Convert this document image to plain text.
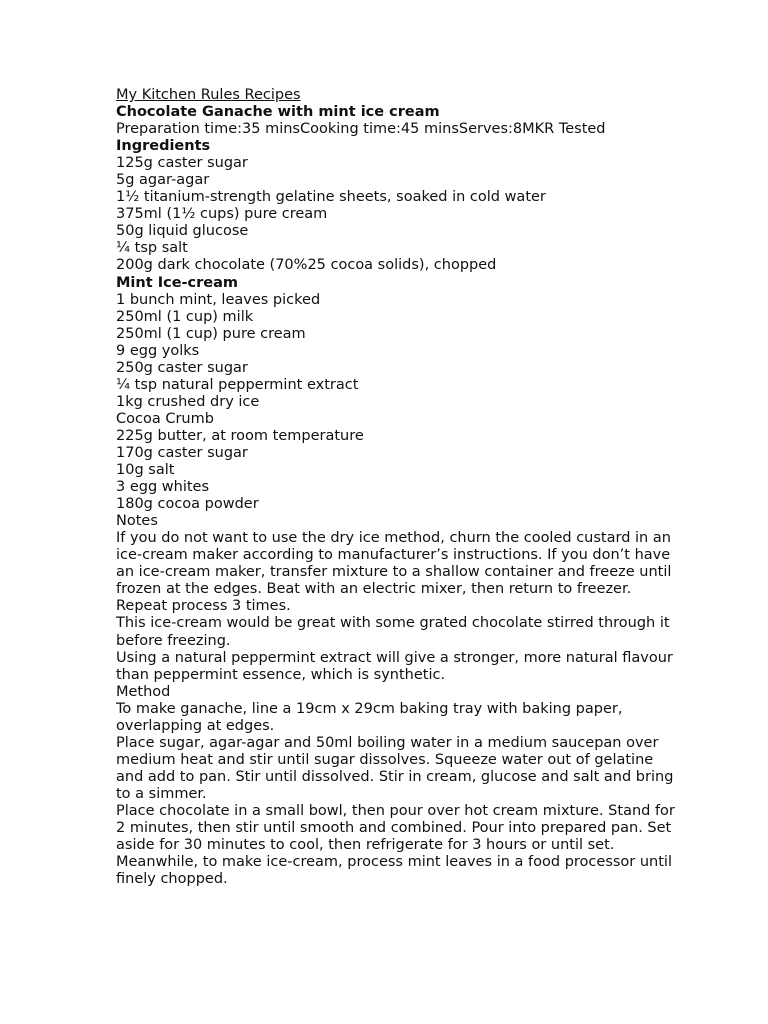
My Kitchen Rules Recipes

Chocolate Ganache with mint ice cream

Preparation time:35 minsCooking time:45 minsServes:8MKR Tested

Ingredients

125g caster sugar

5g agar-agar

1½ titanium-strength gelatine sheets, soaked in cold water

375ml (1½ cups) pure cream

50g liquid glucose

¼ tsp salt

200g dark chocolate (70%25 cocoa solids), chopped

Mint Ice-cream

1 bunch mint, leaves picked

250ml (1 cup) milk

250ml (1 cup) pure cream

9 egg yolks

250g caster sugar

¼ tsp natural peppermint extract

1kg crushed dry ice

Cocoa Crumb

225g butter, at room temperature

170g caster sugar

10g salt

3 egg whites

180g cocoa powder

Notes

If you do not want to use the dry ice method, churn the cooled custard in an ice-cream maker according to manufacturer’s instructions. If you don’t have an ice-cream maker, transfer mixture to a shallow container and freeze until frozen at the edges. Beat with an electric mixer, then return to freezer. Repeat process 3 times.

This ice-cream would be great with some grated chocolate stirred through it before freezing.

Using a natural peppermint extract will give a stronger, more natural flavour than peppermint essence, which is synthetic.

Method

To make ganache, line a 19cm x 29cm baking tray with baking paper, overlapping at edges.

Place sugar, agar-agar and 50ml boiling water in a medium saucepan over medium heat and stir until sugar dissolves. Squeeze water out of gelatine and add to pan. Stir until dissolved. Stir in cream, glucose and salt and bring to a simmer.

Place chocolate in a small bowl, then pour over hot cream mixture. Stand for 2 minutes, then stir until smooth and combined. Pour into prepared pan. Set aside for 30 minutes to cool, then refrigerate for 3 hours or until set.

Meanwhile, to make ice-cream, process mint leaves in a food processor until finely chopped.
